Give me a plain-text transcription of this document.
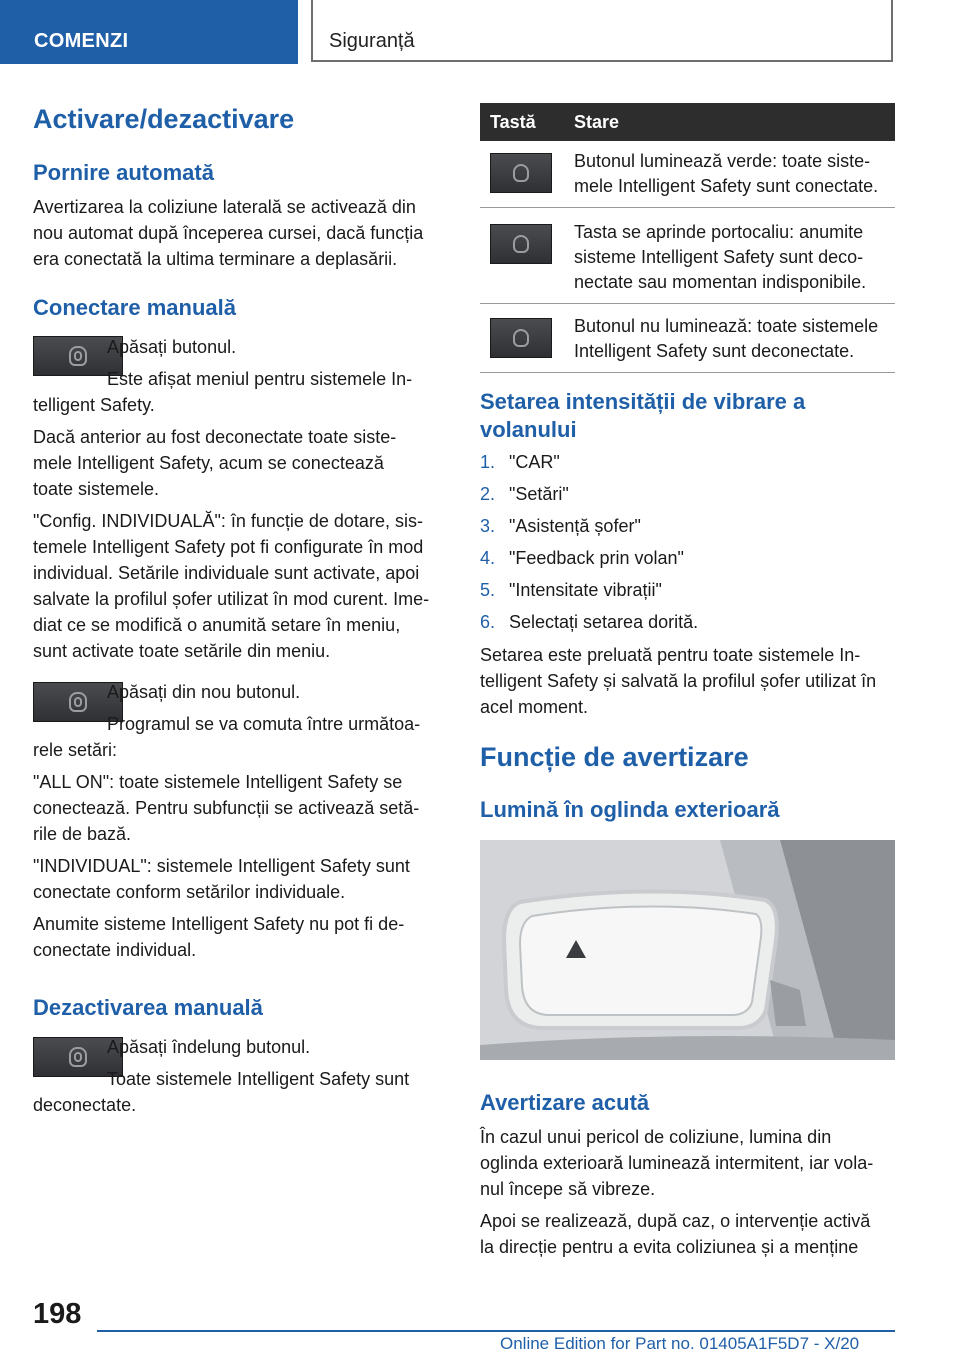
COMENZI	Siguranță
Activare/dezactivare
Pornire automată

Avertizarea la coliziune laterală se activează din

nou automat după începerea cursei, dacă funcția

era conectată la ultima terminare a deplasării.

Conectare manuală

Apăsați butonul.

Este afișat meniul pentru sistemele In‐

telligent Safety.

Dacă anterior au fost deconectate toate siste‐

mele Intelligent Safety, acum se conectează

toate sistemele.

"Config. INDIVIDUALĂ": în funcție de dotare, sis‐

temele Intelligent Safety pot fi configurate în mod

individual. Setările individuale sunt activate, apoi

salvate la profilul șofer utilizat în mod curent. Ime‐

diat ce se modifică o anumită setare în meniu,

sunt activate toate setările din meniu.

Apăsați din nou butonul.

Programul se va comuta între următoa‐

rele setări:

"ALL ON": toate sistemele Intelligent Safety se

conectează. Pentru subfuncții se activează setă‐

rile de bază.

"INDIVIDUAL": sistemele Intelligent Safety sunt

conectate conform setărilor individuale.

Anumite sisteme Intelligent Safety nu pot fi de‐

conectate individual.

Dezactivarea manuală

Apăsați îndelung butonul.

Toate sistemele Intelligent Safety sunt

deconectate.

Tastă	Stare

	Butonul luminează verde: toate siste‐
mele Intelligent Safety sunt conectate.

	Tasta se aprinde portocaliu: anumite
sisteme Intelligent Safety sunt deco‐
nectate sau momentan indisponibile.

	Butonul nu luminează: toate sistemele
Intelligent Safety sunt deconectate.
Setarea intensității de vibrare a
volanului
1. "CAR"
2. "Setări"
3. "Asistență șofer"
4. "Feedback prin volan"
5. "Intensitate vibrații"
6. Selectați setarea dorită.

Setarea este preluată pentru toate sistemele In‐

telligent Safety și salvată la profilul șofer utilizat în

acel moment.

Funcție de avertizare
Lumină în oglinda exterioară
Avertizare acută

În cazul unui pericol de coliziune, lumina din

oglinda exterioară luminează intermitent, iar vola‐

nul începe să vibreze.

Apoi se realizează, după caz, o intervenție activă

la direcție pentru a evita coliziunea și a menține

198
Online Edition for Part no. 01405A1F5D7 - X/20
